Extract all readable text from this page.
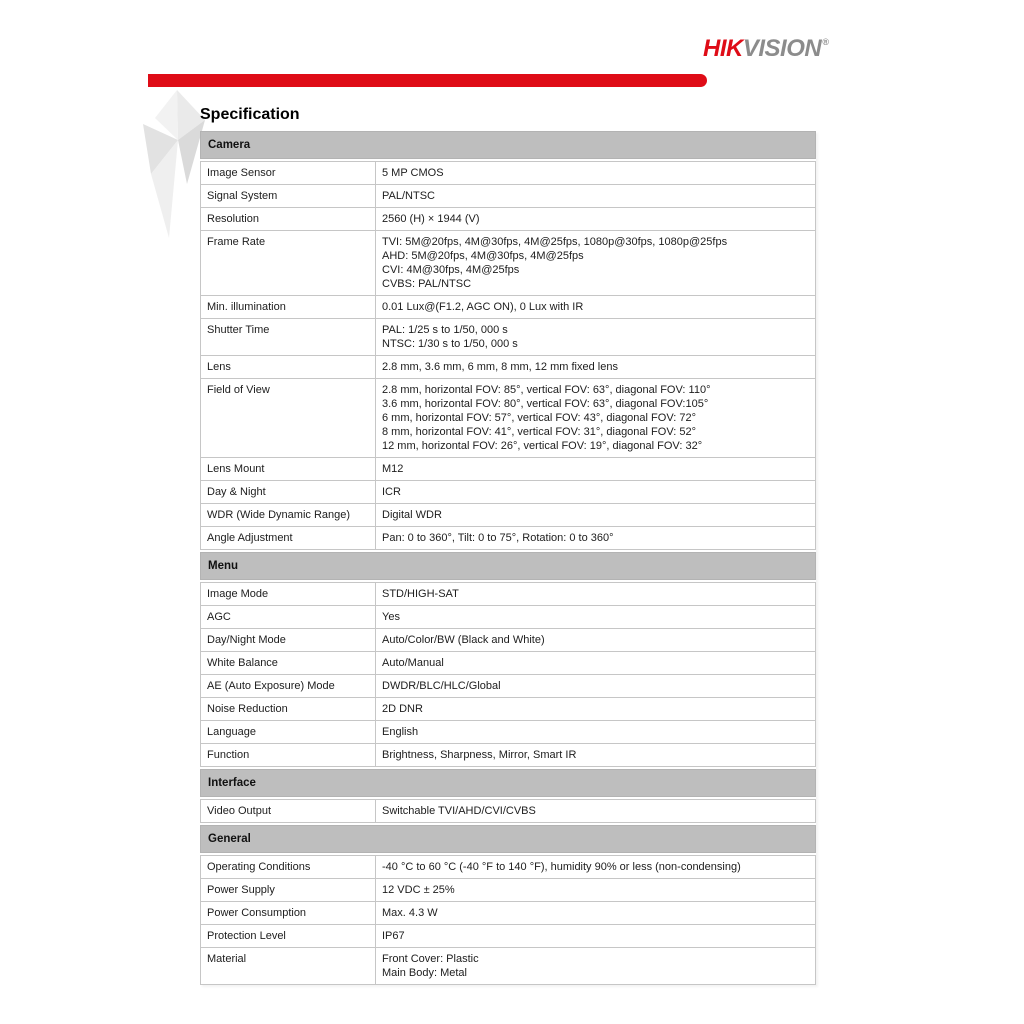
HIKVISION®
Specification
Camera
Image Sensor	5 MP CMOS
Signal System	PAL/NTSC
Resolution	2560 (H) × 1944 (V)
Frame Rate	TVI: 5M@20fps, 4M@30fps, 4M@25fps, 1080p@30fps, 1080p@25fps
AHD: 5M@20fps, 4M@30fps, 4M@25fps
CVI: 4M@30fps, 4M@25fps
CVBS: PAL/NTSC
Min. illumination	0.01 Lux@(F1.2, AGC ON), 0 Lux with IR
Shutter Time	PAL: 1/25 s to 1/50, 000 s
NTSC: 1/30 s to 1/50, 000 s
Lens	2.8 mm, 3.6 mm, 6 mm, 8 mm, 12 mm fixed lens
Field of View	2.8 mm, horizontal FOV: 85°, vertical FOV: 63°, diagonal FOV: 110°
3.6 mm, horizontal FOV: 80°, vertical FOV: 63°, diagonal FOV:105°
6 mm, horizontal FOV: 57°, vertical FOV: 43°, diagonal FOV: 72°
8 mm, horizontal FOV: 41°, vertical FOV: 31°, diagonal FOV: 52°
12 mm, horizontal FOV: 26°, vertical FOV: 19°, diagonal FOV: 32°
Lens Mount	M12
Day & Night	ICR
WDR (Wide Dynamic Range)	Digital WDR
Angle Adjustment	Pan: 0 to 360°, Tilt: 0 to 75°, Rotation: 0 to 360°
Menu
Image Mode	STD/HIGH-SAT
AGC	Yes
Day/Night Mode	Auto/Color/BW (Black and White)
White Balance	Auto/Manual
AE (Auto Exposure) Mode	DWDR/BLC/HLC/Global
Noise Reduction	2D DNR
Language	English
Function	Brightness, Sharpness, Mirror, Smart IR
Interface
Video Output	Switchable TVI/AHD/CVI/CVBS
General
Operating Conditions	-40 °C to 60 °C (-40 °F to 140 °F), humidity 90% or less (non-condensing)
Power Supply	12 VDC ± 25%
Power Consumption	Max. 4.3 W
Protection Level	IP67
Material	Front Cover: Plastic
Main Body: Metal
